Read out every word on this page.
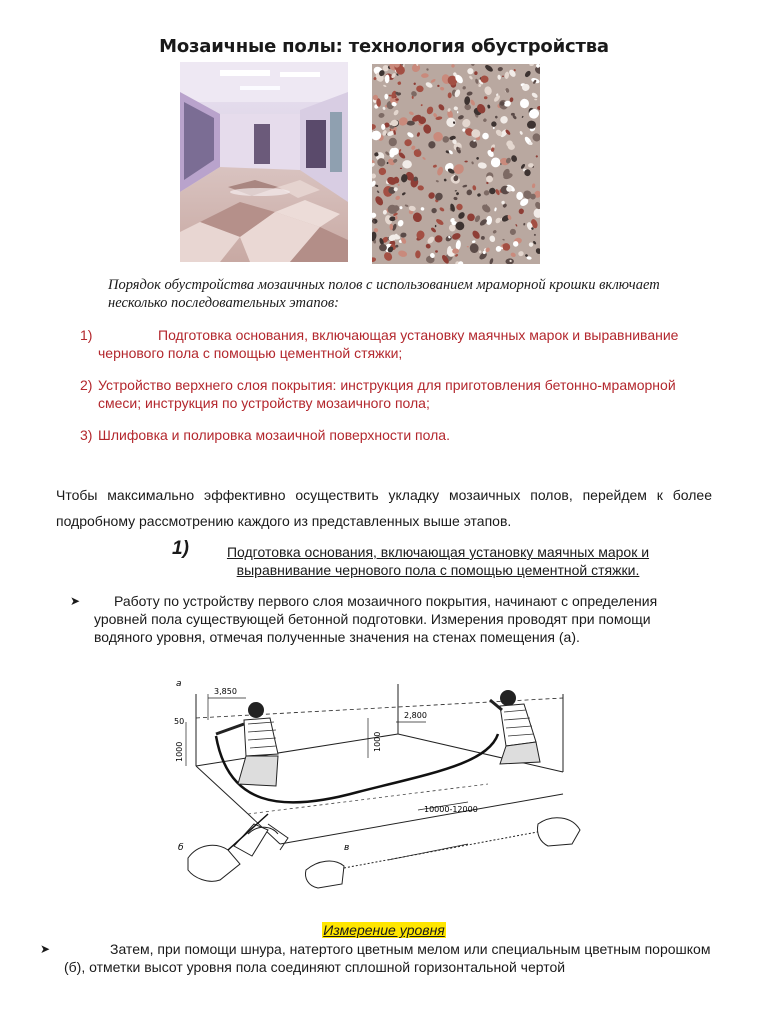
Мозаичные полы: технология обустройства
Порядок обустройства мозаичных полов с использованием мраморной крошки включает несколько последовательных этапов:
1)	Подготовка основания, включающая установку маячных марок и выравнивание чернового пола с помощью цементной стяжки;
2) Устройство верхнего слоя покрытия: инструкция для приготовления бетонно-мраморной смеси; инструкция по устройству мозаичного пола;
3) Шлифовка и полировка мозаичной поверхности пола.
Чтобы максимально эффективно осуществить укладку мозаичных полов, перейдем к более подробному рассмотрению каждого из представленных выше этапов.
1)	Подготовка основания, включающая установку маячных марок и выравнивание чернового пола с помощью цементной стяжки.
➤	Работу по устройству первого слоя мозаичного покрытия, начинают с определения уровней пола существующей бетонной подготовки. Измерения проводят при помощи водяного уровня, отмечая полученные значения на стенах помещения (а).
а
3,850
2,800
50
1000	1000
10000-12000
б	в
Измерение уровня
➤	Затем, при помощи шнура, натертого цветным мелом или специальным цветным порошком (б), отметки высот уровня пола соединяют сплошной горизонтальной чертой
